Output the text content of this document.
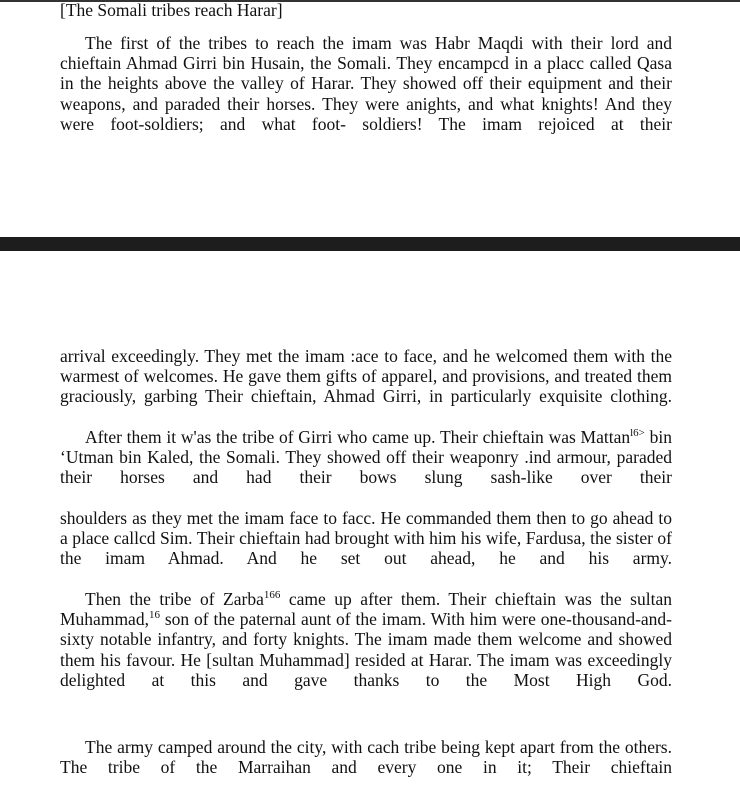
[The Somali tribes reach Harar]

The first of the tribes to reach the imam was Habr Maqdi with their lord and chieftain Ahmad Girri bin Husain, the Somali. They encampcd in a placc called Qasa in the heights above the valley of Harar. They showed off their equipment and their weapons, and paraded their horses. They were anights, and what knights! And they were foot-soldiers; and what foot- soldiers! The imam rejoiced at their

arrival exceedingly. They met the imam :ace to face, and he welcomed them with the warmest of welcomes. He gave them gifts of apparel, and provisions, and treated them graciously, garbing Their chieftain, Ahmad Girri, in particularly exquisite clothing.

After them it w'as the tribe of Girri who came up. Their chieftain was Mattan$^{l6>}$ bin ‘Utman bin Kaled, the Somali. They showed off their weaponry .ind armour, paraded their horses and had their bows slung sash-like over their

shoulders as they met the imam face to facc. He commanded them then to go ahead to a place callcd Sim. Their chieftain had brought with him his wife, Fardusa, the sister of the imam Ahmad. And he set out ahead, he and his army.

Then the tribe of Zarba$^{166}$ came up after them. Their chieftain was the sultan Muhammad,$^{16}$ son of the paternal aunt of the imam. With him were one-thousand-and-sixty notable infantry, and forty knights. The imam made them welcome and showed them his favour. He [sultan Muhammad] resided at Harar. The imam was exceedingly delighted at this and gave thanks to the Most High God.

The army camped around the city, with cach tribe being kept apart from the others. The tribe of the Marraihan and every one in it; Their chieftain
